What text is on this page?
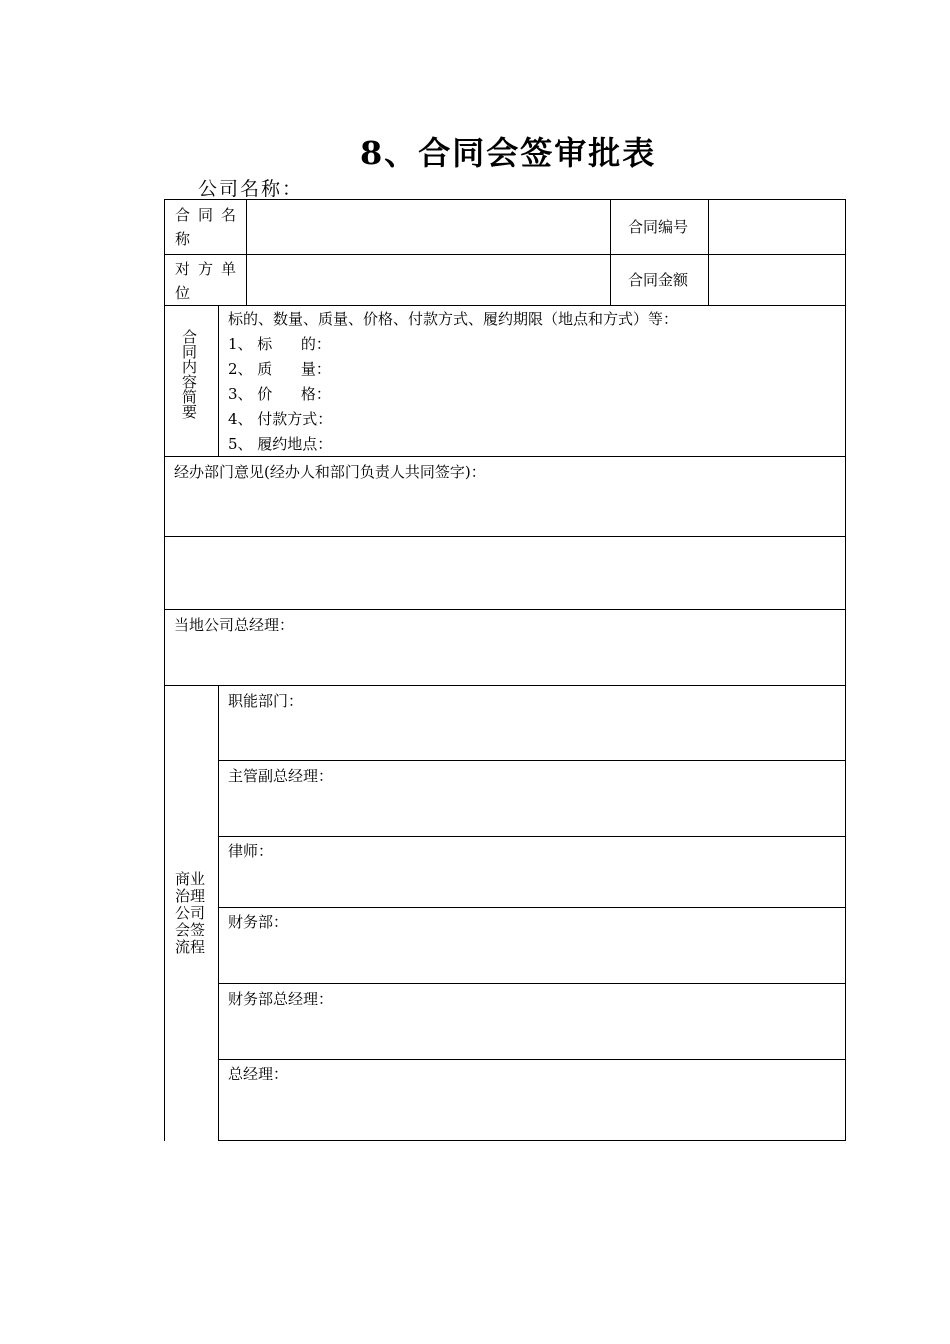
8、合同会签审批表
公司名称：
合同名称
合同编号
对方单位
合同金额
合同内容简要
标的、数量、质量、价格、付款方式、履约期限（地点和方式）等：
1、 标      的：
2、 质      量：
3、 价      格：
4、 付款方式：
5、 履约地点：
经办部门意见(经办人和部门负责人共同签字)：
当地公司总经理：
商业治理公司会签流程
职能部门：
主管副总经理：
律师：
财务部：
财务部总经理：
总经理：
